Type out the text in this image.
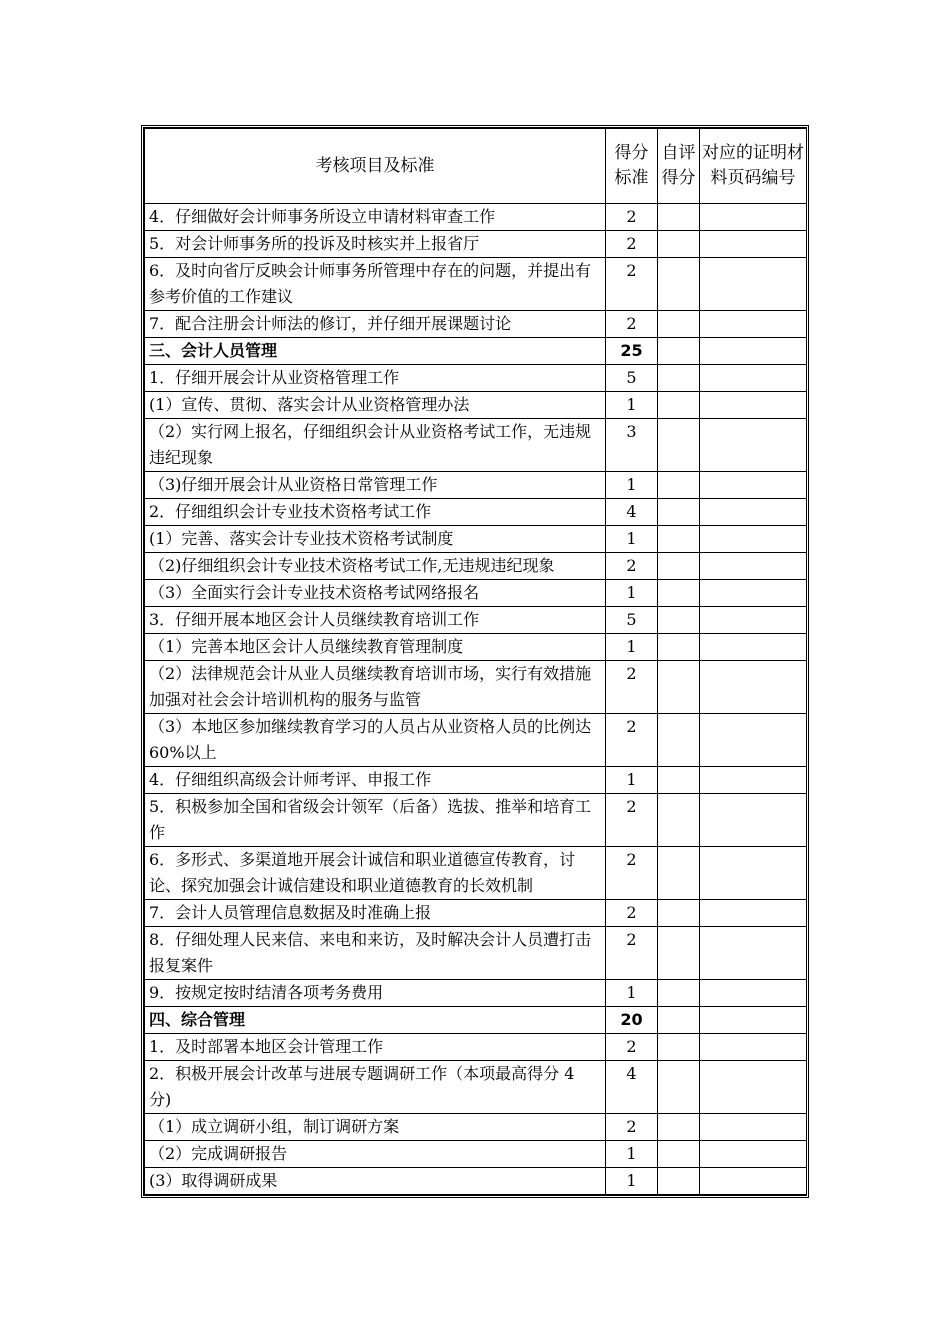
考核项目及标准	得分标准	自评得分	对应的证明材料页码编号
4．仔细做好会计师事务所设立申请材料审查工作	2		
5．对会计师事务所的投诉及时核实并上报省厅	2		
6．及时向省厅反映会计师事务所管理中存在的问题，并提出有参考价值的工作建议	2		
7．配合注册会计师法的修订，并仔细开展课题讨论	2		
三、会计人员管理	25		
1．仔细开展会计从业资格管理工作	5		
(1）宣传、贯彻、落实会计从业资格管理办法	1		
（2）实行网上报名，仔细组织会计从业资格考试工作，无违规违纪现象	3		
（3)仔细开展会计从业资格日常管理工作	1		
2．仔细组织会计专业技术资格考试工作	4		
(1）完善、落实会计专业技术资格考试制度	1		
（2)仔细组织会计专业技术资格考试工作,无违规违纪现象	2		
（3）全面实行会计专业技术资格考试网络报名	1		
3．仔细开展本地区会计人员继续教育培训工作	5		
（1）完善本地区会计人员继续教育管理制度	1		
（2）法律规范会计从业人员继续教育培训市场，实行有效措施加强对社会会计培训机构的服务与监管	2		
（3）本地区参加继续教育学习的人员占从业资格人员的比例达 60%以上	2		
4．仔细组织高级会计师考评、申报工作	1		
5．积极参加全国和省级会计领军（后备）选拔、推举和培育工作	2		
6．多形式、多渠道地开展会计诚信和职业道德宣传教育，讨论、探究加强会计诚信建设和职业道德教育的长效机制	2		
7．会计人员管理信息数据及时准确上报	2		
8．仔细处理人民来信、来电和来访，及时解决会计人员遭打击报复案件	2		
9．按规定按时结清各项考务费用	1		
四、综合管理	20		
1．及时部署本地区会计管理工作	2		
2．积极开展会计改革与进展专题调研工作（本项最高得分 4 分)	4		
（1）成立调研小组，制订调研方案	2		
（2）完成调研报告	1		
(3）取得调研成果	1		
